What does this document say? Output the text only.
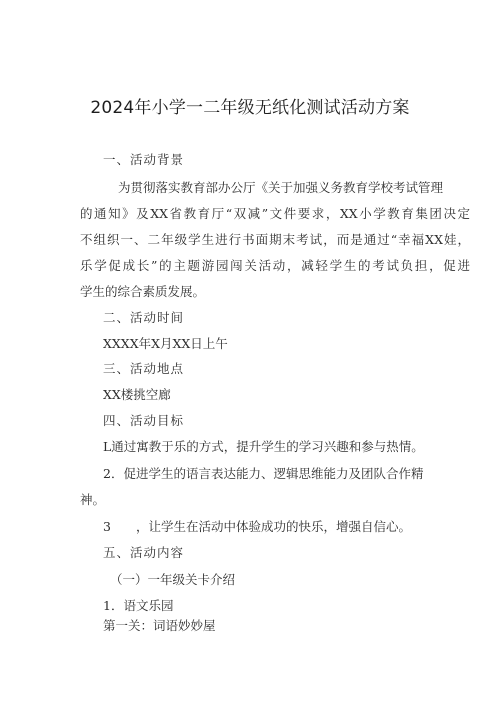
2024年小学一二年级无纸化测试活动方案
一、活动背景
为贯彻落实教育部办公厅《关于加强义务教育学校考试管理
的通知》及XX省教育厅“双减”文件要求，XX小学教育集团决定
不组织一、二年级学生进行书面期末考试，而是通过“幸福XX娃，
乐学促成长”的主题游园闯关活动，减轻学生的考试负担，促进
学生的综合素质发展。
二、活动时间
XXXX年X月XX日上午
三、活动地点
XX楼挑空廊
四、活动目标
L通过寓教于乐的方式，提升学生的学习兴趣和参与热情。
2．促进学生的语言表达能力、逻辑思维能力及团队合作精
神。
3　　，让学生在活动中体验成功的快乐，增强自信心。
五、活动内容
（一）一年级关卡介绍
1．语文乐园
第一关：词语妙妙屋
